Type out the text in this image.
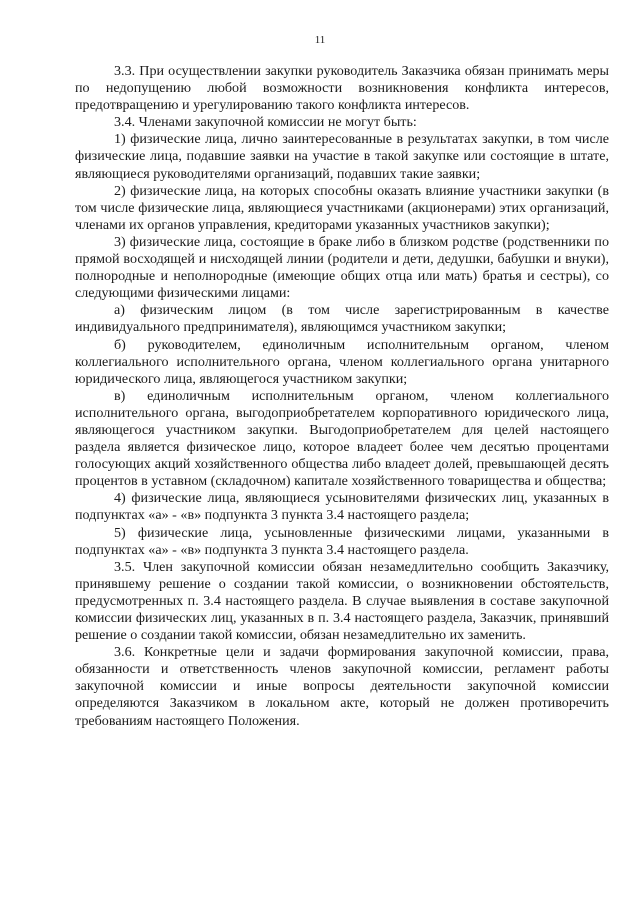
11

3.3. При осуществлении закупки руководитель Заказчика обязан принимать меры по недопущению любой возможности возникновения конфликта интересов, предотвращению и урегулированию такого конфликта интересов.

3.4. Членами закупочной комиссии не могут быть:

1) физические лица, лично заинтересованные в результатах закупки, в том числе физические лица, подавшие заявки на участие в такой закупке или состоящие в штате, являющиеся руководителями организаций, подавших такие заявки;

2) физические лица, на которых способны оказать влияние участники закупки (в том числе физические лица, являющиеся участниками (акционерами) этих организаций, членами их органов управления, кредиторами указанных участников закупки);

3) физические лица, состоящие в браке либо в близком родстве (родственники по прямой восходящей и нисходящей линии (родители и дети, дедушки, бабушки и внуки), полнородные и неполнородные (имеющие общих отца или мать) братья и сестры), со следующими физическими лицами:

а) физическим лицом (в том числе зарегистрированным в качестве индивидуального предпринимателя), являющимся участником закупки;

б) руководителем, единоличным исполнительным органом, членом коллегиального исполнительного органа, членом коллегиального органа унитарного юридического лица, являющегося участником закупки;

в) единоличным исполнительным органом, членом коллегиального исполнительного органа, выгодоприобретателем корпоративного юридического лица, являющегося участником закупки. Выгодоприобретателем для целей настоящего раздела является физическое лицо, которое владеет более чем десятью процентами голосующих акций хозяйственного общества либо владеет долей, превышающей десять процентов в уставном (складочном) капитале хозяйственного товарищества и общества;

4) физические лица, являющиеся усыновителями физических лиц, указанных в подпунктах «а» - «в» подпункта 3 пункта 3.4 настоящего раздела;

5) физические лица, усыновленные физическими лицами, указанными в подпунктах «а» - «в» подпункта 3 пункта 3.4 настоящего раздела.

3.5. Член закупочной комиссии обязан незамедлительно сообщить Заказчику, принявшему решение о создании такой комиссии, о возникновении обстоятельств, предусмотренных п. 3.4 настоящего раздела. В случае выявления в составе закупочной комиссии физических лиц, указанных в п. 3.4 настоящего раздела, Заказчик, принявший решение о создании такой комиссии, обязан незамедлительно их заменить.

3.6. Конкретные цели и задачи формирования закупочной комиссии, права, обязанности и ответственность членов закупочной комиссии, регламент работы закупочной комиссии и иные вопросы деятельности закупочной комиссии определяются Заказчиком в локальном акте, который не должен противоречить требованиям настоящего Положения.
